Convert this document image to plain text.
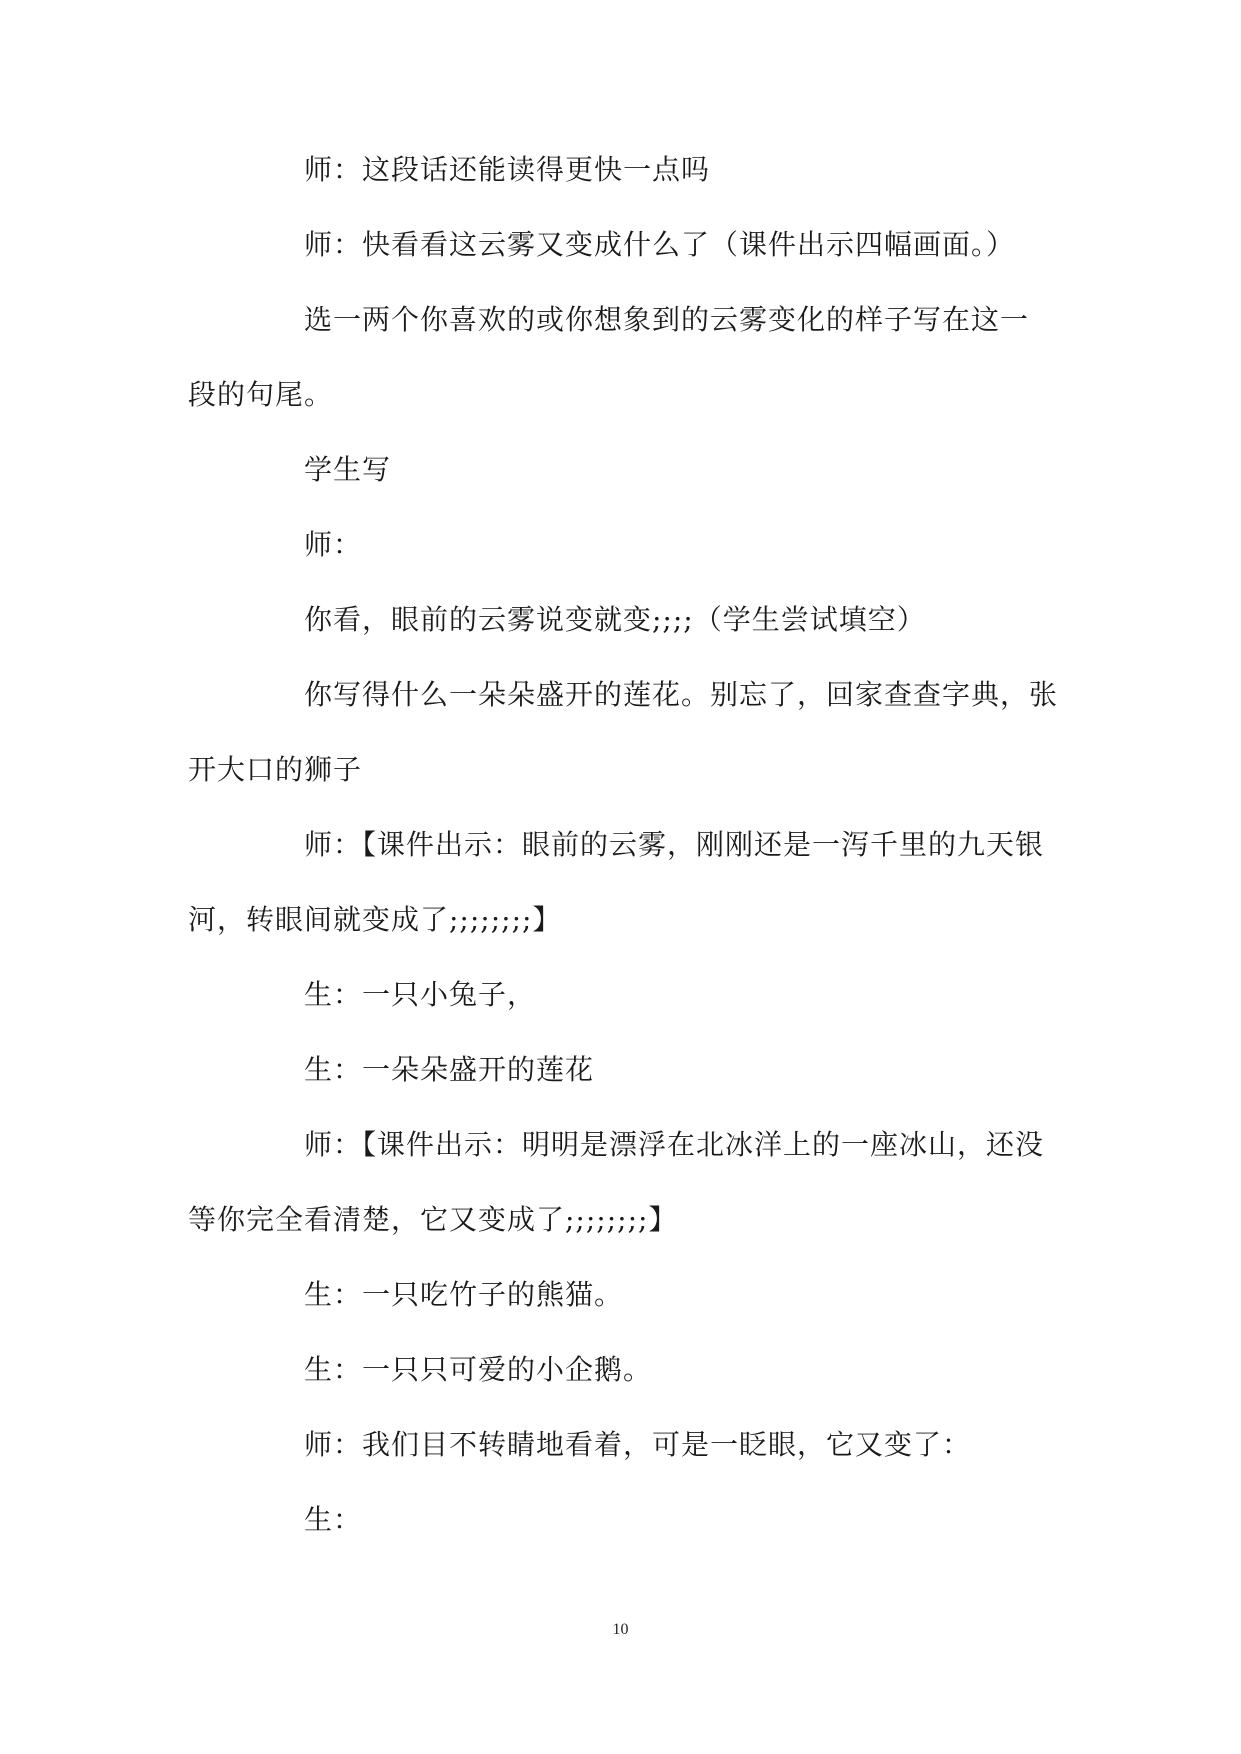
师：这段话还能读得更快一点吗
师：快看看这云雾又变成什么了（课件出示四幅画面。）
选一两个你喜欢的或你想象到的云雾变化的样子写在这一
段的句尾。
学生写
师：
你看，眼前的云雾说变就变;;;;（学生尝试填空）
你写得什么一朵朵盛开的莲花。别忘了，回家查查字典，张
开大口的狮子
师：【课件出示：眼前的云雾，刚刚还是一泻千里的九天银
河，转眼间就变成了;;;;;;;;】
生：一只小兔子，
生：一朵朵盛开的莲花
师：【课件出示：明明是漂浮在北冰洋上的一座冰山，还没
等你完全看清楚，它又变成了;;;;;;;;】
生：一只吃竹子的熊猫。
生：一只只可爱的小企鹅。
师：我们目不转睛地看着，可是一眨眼，它又变了：
生：
10
